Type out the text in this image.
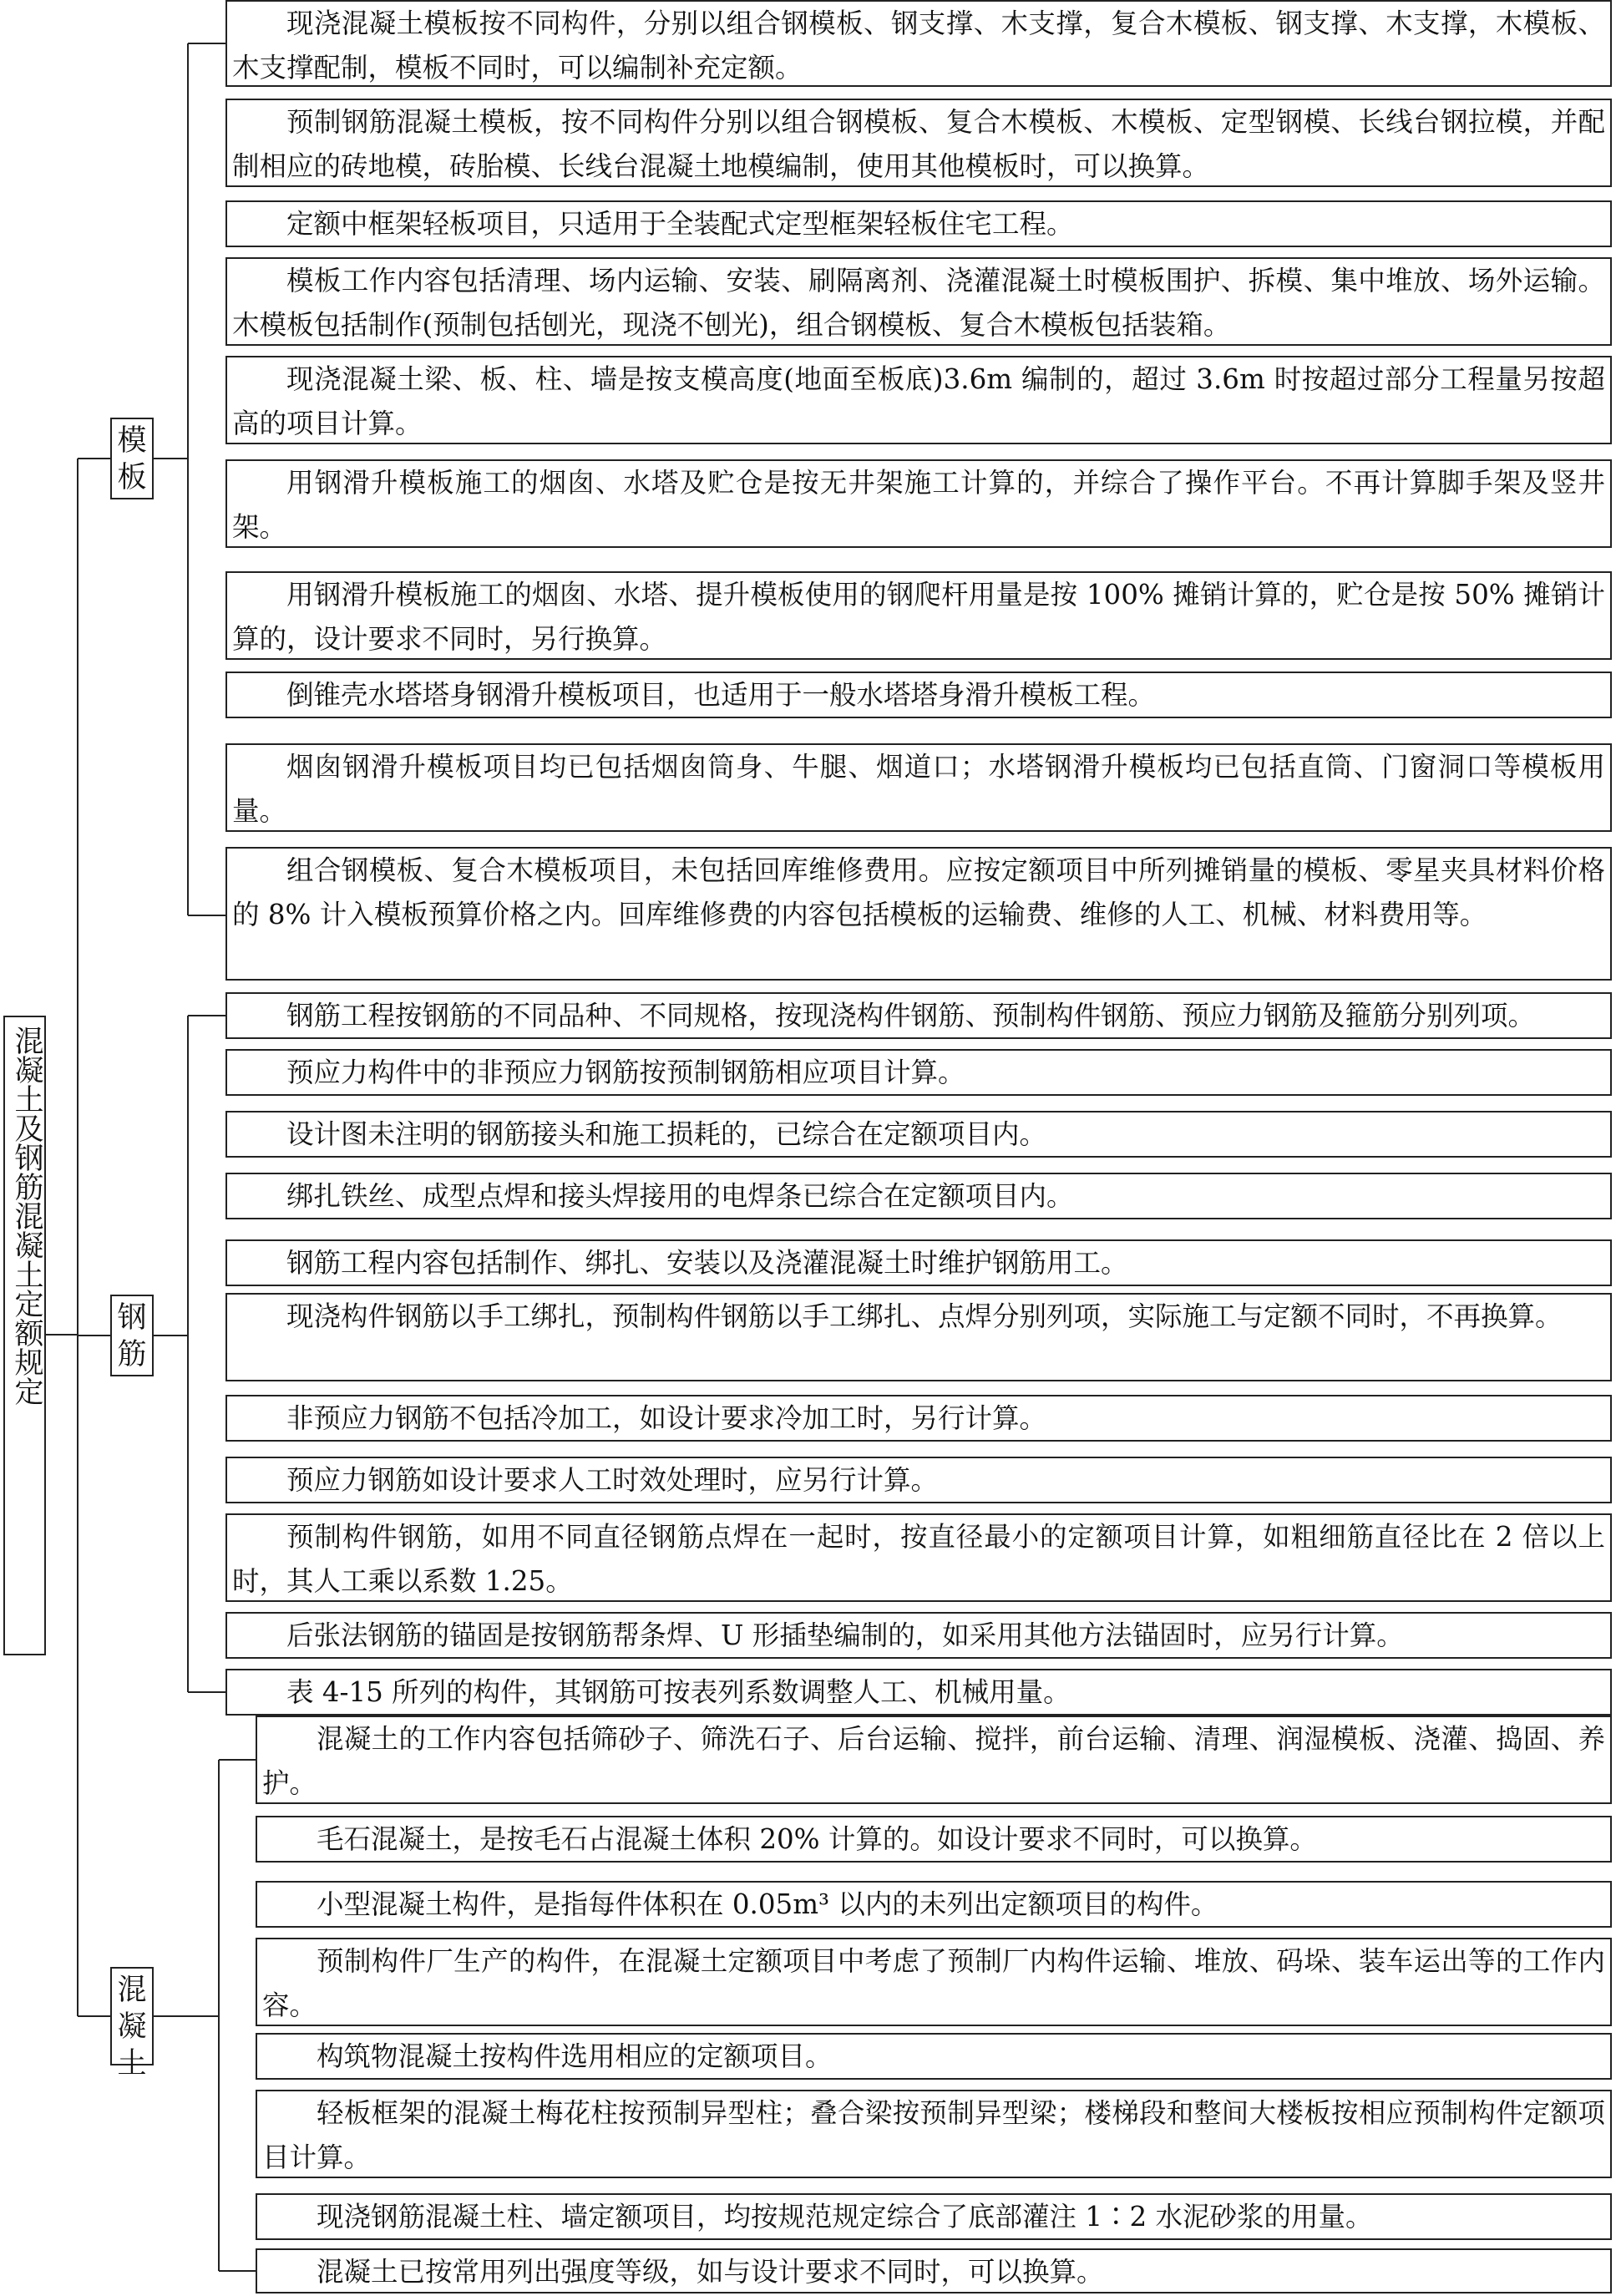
混凝土及钢筋混凝土定额规定
模板
钢筋
混凝土
现浇混凝土模板按不同构件，分别以组合钢模板、钢支撑、木支撑，复合木模板、钢支撑、木支撑，木模板、木支撑配制，模板不同时，可以编制补充定额。
预制钢筋混凝土模板，按不同构件分别以组合钢模板、复合木模板、木模板、定型钢模、长线台钢拉模，并配制相应的砖地模，砖胎模、长线台混凝土地模编制，使用其他模板时，可以换算。
定额中框架轻板项目，只适用于全装配式定型框架轻板住宅工程。
模板工作内容包括清理、场内运输、安装、刷隔离剂、浇灌混凝土时模板围护、拆模、集中堆放、场外运输。木模板包括制作(预制包括刨光，现浇不刨光)，组合钢模板、复合木模板包括装箱。
现浇混凝土梁、板、柱、墙是按支模高度(地面至板底)3.6m 编制的，超过 3.6m 时按超过部分工程量另按超高的项目计算。
用钢滑升模板施工的烟囱、水塔及贮仓是按无井架施工计算的，并综合了操作平台。不再计算脚手架及竖井架。
用钢滑升模板施工的烟囱、水塔、提升模板使用的钢爬杆用量是按 100% 摊销计算的，贮仓是按 50% 摊销计算的，设计要求不同时，另行换算。
倒锥壳水塔塔身钢滑升模板项目，也适用于一般水塔塔身滑升模板工程。
烟囱钢滑升模板项目均已包括烟囱筒身、牛腿、烟道口；水塔钢滑升模板均已包括直筒、门窗洞口等模板用量。
组合钢模板、复合木模板项目，未包括回库维修费用。应按定额项目中所列摊销量的模板、零星夹具材料价格的 8% 计入模板预算价格之内。回库维修费的内容包括模板的运输费、维修的人工、机械、材料费用等。
钢筋工程按钢筋的不同品种、不同规格，按现浇构件钢筋、预制构件钢筋、预应力钢筋及箍筋分别列项。
预应力构件中的非预应力钢筋按预制钢筋相应项目计算。
设计图未注明的钢筋接头和施工损耗的，已综合在定额项目内。
绑扎铁丝、成型点焊和接头焊接用的电焊条已综合在定额项目内。
钢筋工程内容包括制作、绑扎、安装以及浇灌混凝土时维护钢筋用工。
现浇构件钢筋以手工绑扎，预制构件钢筋以手工绑扎、点焊分别列项，实际施工与定额不同时，不再换算。
非预应力钢筋不包括冷加工，如设计要求冷加工时，另行计算。
预应力钢筋如设计要求人工时效处理时，应另行计算。
预制构件钢筋，如用不同直径钢筋点焊在一起时，按直径最小的定额项目计算，如粗细筋直径比在 2 倍以上时，其人工乘以系数 1.25。
后张法钢筋的锚固是按钢筋帮条焊、U 形插垫编制的，如采用其他方法锚固时，应另行计算。
表 4-15 所列的构件，其钢筋可按表列系数调整人工、机械用量。
混凝土的工作内容包括筛砂子、筛洗石子、后台运输、搅拌，前台运输、清理、润湿模板、浇灌、捣固、养护。
毛石混凝土，是按毛石占混凝土体积 20% 计算的。如设计要求不同时，可以换算。
小型混凝土构件，是指每件体积在 0.05m³ 以内的未列出定额项目的构件。
预制构件厂生产的构件，在混凝土定额项目中考虑了预制厂内构件运输、堆放、码垛、装车运出等的工作内容。
构筑物混凝土按构件选用相应的定额项目。
轻板框架的混凝土梅花柱按预制异型柱；叠合梁按预制异型梁；楼梯段和整间大楼板按相应预制构件定额项目计算。
现浇钢筋混凝土柱、墙定额项目，均按规范规定综合了底部灌注 1∶2 水泥砂浆的用量。
混凝土已按常用列出强度等级，如与设计要求不同时，可以换算。
